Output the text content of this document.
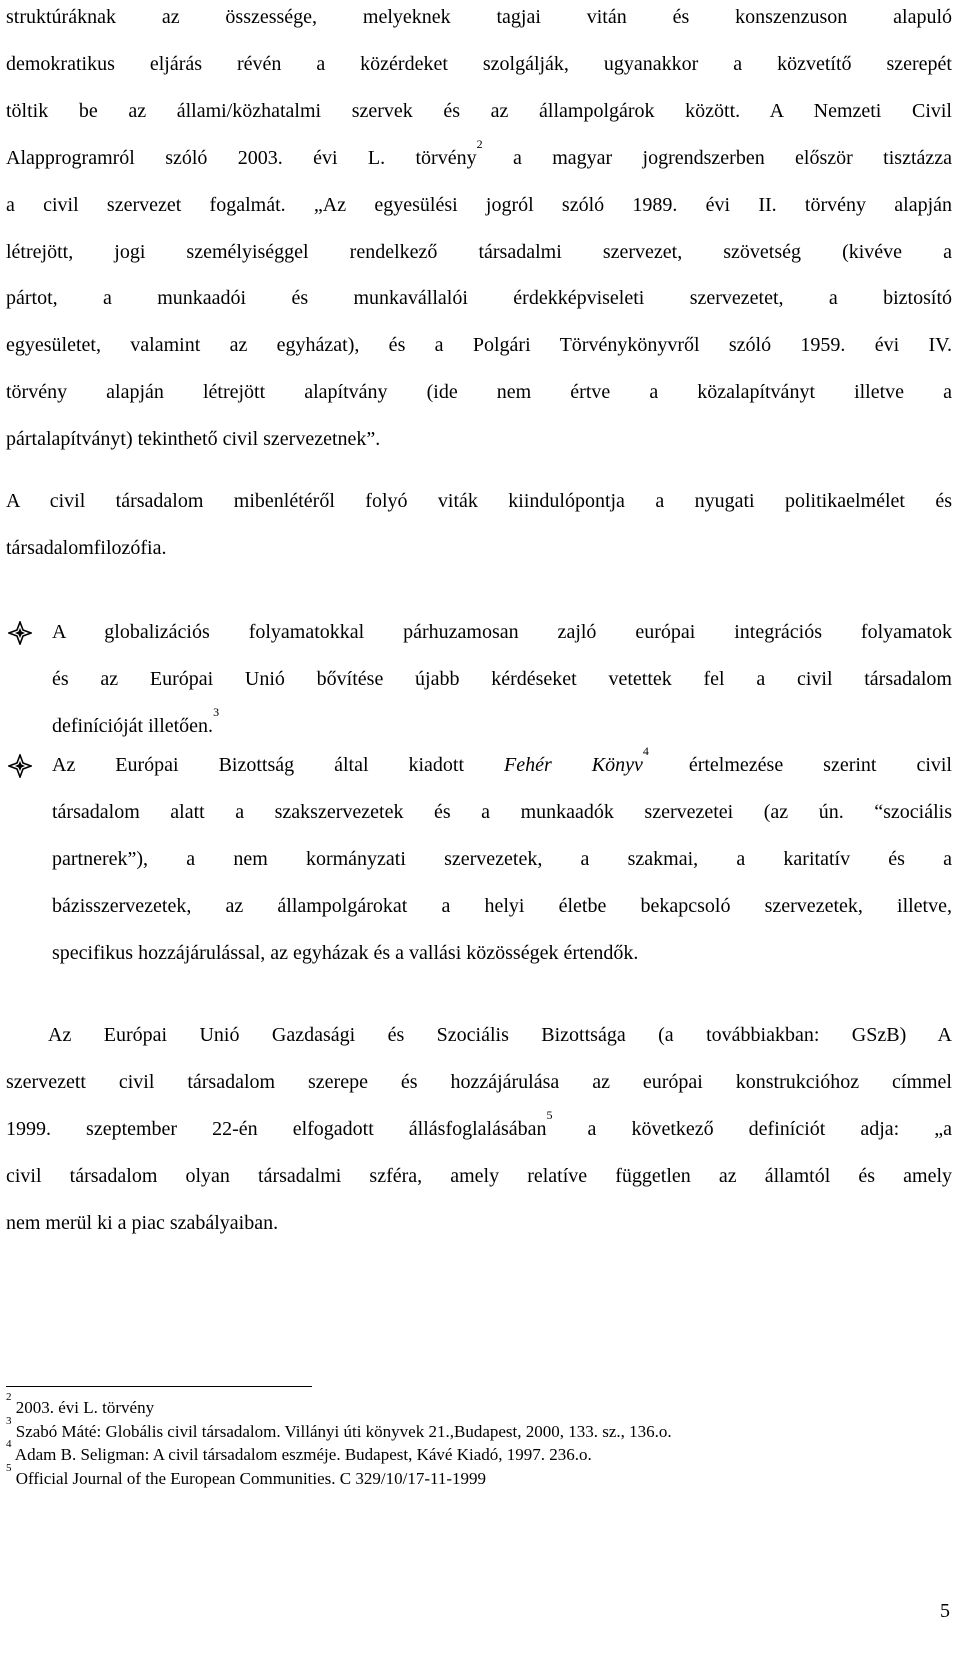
struktúráknak az összessége, melyeknek tagjai vitán és konszenzuson alapuló
demokratikus eljárás révén a közérdeket szolgálják, ugyanakkor a közvetítő szerepét
töltik be az állami/közhatalmi szervek és az állampolgárok között. A Nemzeti Civil
Alapprogramról szóló 2003. évi L. törvény$^2$ a magyar jogrendszerben először tisztázza
a civil szervezet fogalmát. „Az egyesülési jogról szóló 1989. évi II. törvény alapján
létrejött, jogi személyiséggel rendelkező társadalmi szervezet, szövetség (kivéve a
pártot, a munkaadói és munkavállalói érdekképviseleti szervezetet, a biztosító
egyesületet, valamint az egyházat), és a Polgári Törvénykönyvről szóló 1959. évi IV.
törvény alapján létrejött alapítvány (ide nem értve a közalapítványt illetve a
pártalapítványt) tekinthető civil szervezetnek”.
A civil társadalom mibenlétéről folyó viták kiindulópontja a nyugati politikaelmélet és
társadalomfilozófia.
A globalizációs folyamatokkal párhuzamosan zajló európai integrációs folyamatok
és az Európai Unió bővítése újabb kérdéseket vetettek fel a civil társadalom
definícióját illetően.$^3$
Az Európai Bizottság által kiadott Fehér Könyv$^4$ értelmezése szerint civil
társadalom alatt a szakszervezetek és a munkaadók szervezetei (az ún. “szociális
partnerek”), a nem kormányzati szervezetek, a szakmai, a karitatív és a
bázisszervezetek, az állampolgárokat a helyi életbe bekapcsoló szervezetek, illetve,
specifikus hozzájárulással, az egyházak és a vallási közösségek értendők.
Az Európai Unió Gazdasági és Szociális Bizottsága (a továbbiakban: GSzB) A
szervezett civil társadalom szerepe és hozzájárulása az európai konstrukcióhoz címmel
1999. szeptember 22-én elfogadott állásfoglalásában$^5$ a következő definíciót adja: „a
civil társadalom olyan társadalmi szféra, amely relatíve független az államtól és amely
nem merül ki a piac szabályaiban.
$^2$ 2003. évi L. törvény
$^3$ Szabó Máté: Globális civil társadalom. Villányi úti könyvek 21.,Budapest, 2000, 133. sz., 136.o.
$^4$ Adam B. Seligman: A civil társadalom eszméje. Budapest, Kávé Kiadó, 1997. 236.o.
$^5$ Official Journal of the European Communities. C 329/10/17-11-1999
5
